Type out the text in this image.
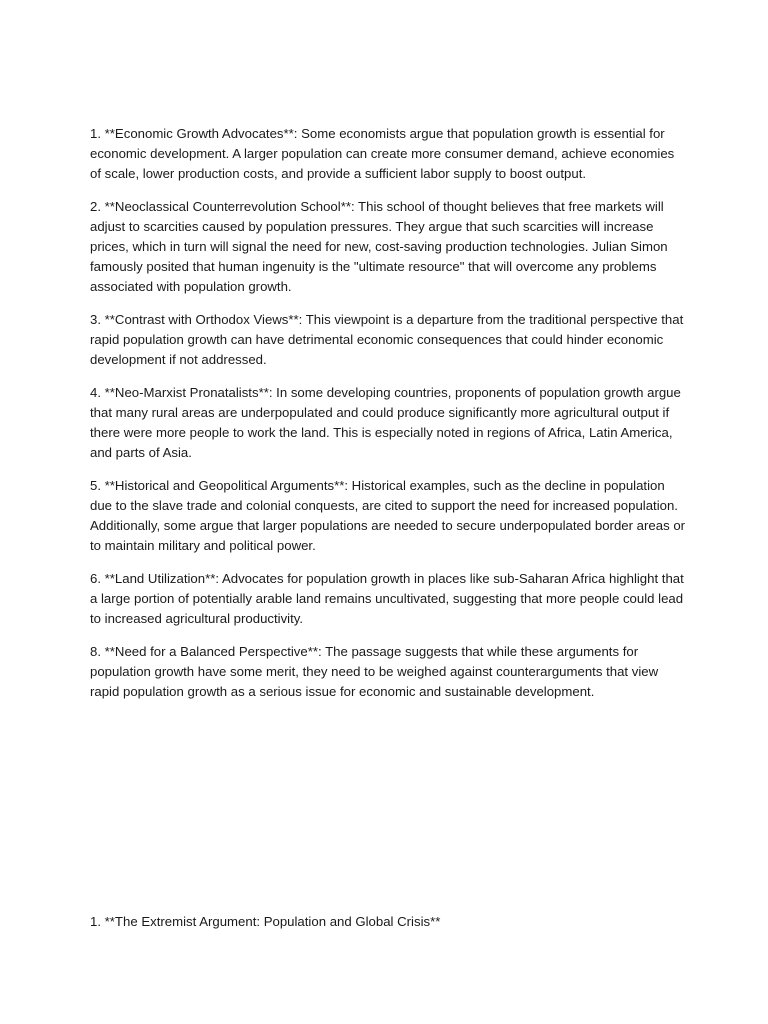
1. **Economic Growth Advocates**: Some economists argue that population growth is essential for economic development. A larger population can create more consumer demand, achieve economies of scale, lower production costs, and provide a sufficient labor supply to boost output.

2. **Neoclassical Counterrevolution School**: This school of thought believes that free markets will adjust to scarcities caused by population pressures. They argue that such scarcities will increase prices, which in turn will signal the need for new, cost-saving production technologies. Julian Simon famously posited that human ingenuity is the "ultimate resource" that will overcome any problems associated with population growth.

3. **Contrast with Orthodox Views**: This viewpoint is a departure from the traditional perspective that rapid population growth can have detrimental economic consequences that could hinder economic development if not addressed.

4. **Neo-Marxist Pronatalists**: In some developing countries, proponents of population growth argue that many rural areas are underpopulated and could produce significantly more agricultural output if there were more people to work the land. This is especially noted in regions of Africa, Latin America, and parts of Asia.

5. **Historical and Geopolitical Arguments**: Historical examples, such as the decline in population due to the slave trade and colonial conquests, are cited to support the need for increased population. Additionally, some argue that larger populations are needed to secure underpopulated border areas or to maintain military and political power.

6. **Land Utilization**: Advocates for population growth in places like sub-Saharan Africa highlight that a large portion of potentially arable land remains uncultivated, suggesting that more people could lead to increased agricultural productivity.

8. **Need for a Balanced Perspective**: The passage suggests that while these arguments for population growth have some merit, they need to be weighed against counterarguments that view rapid population growth as a serious issue for economic and sustainable development.

1. **The Extremist Argument: Population and Global Crisis**
